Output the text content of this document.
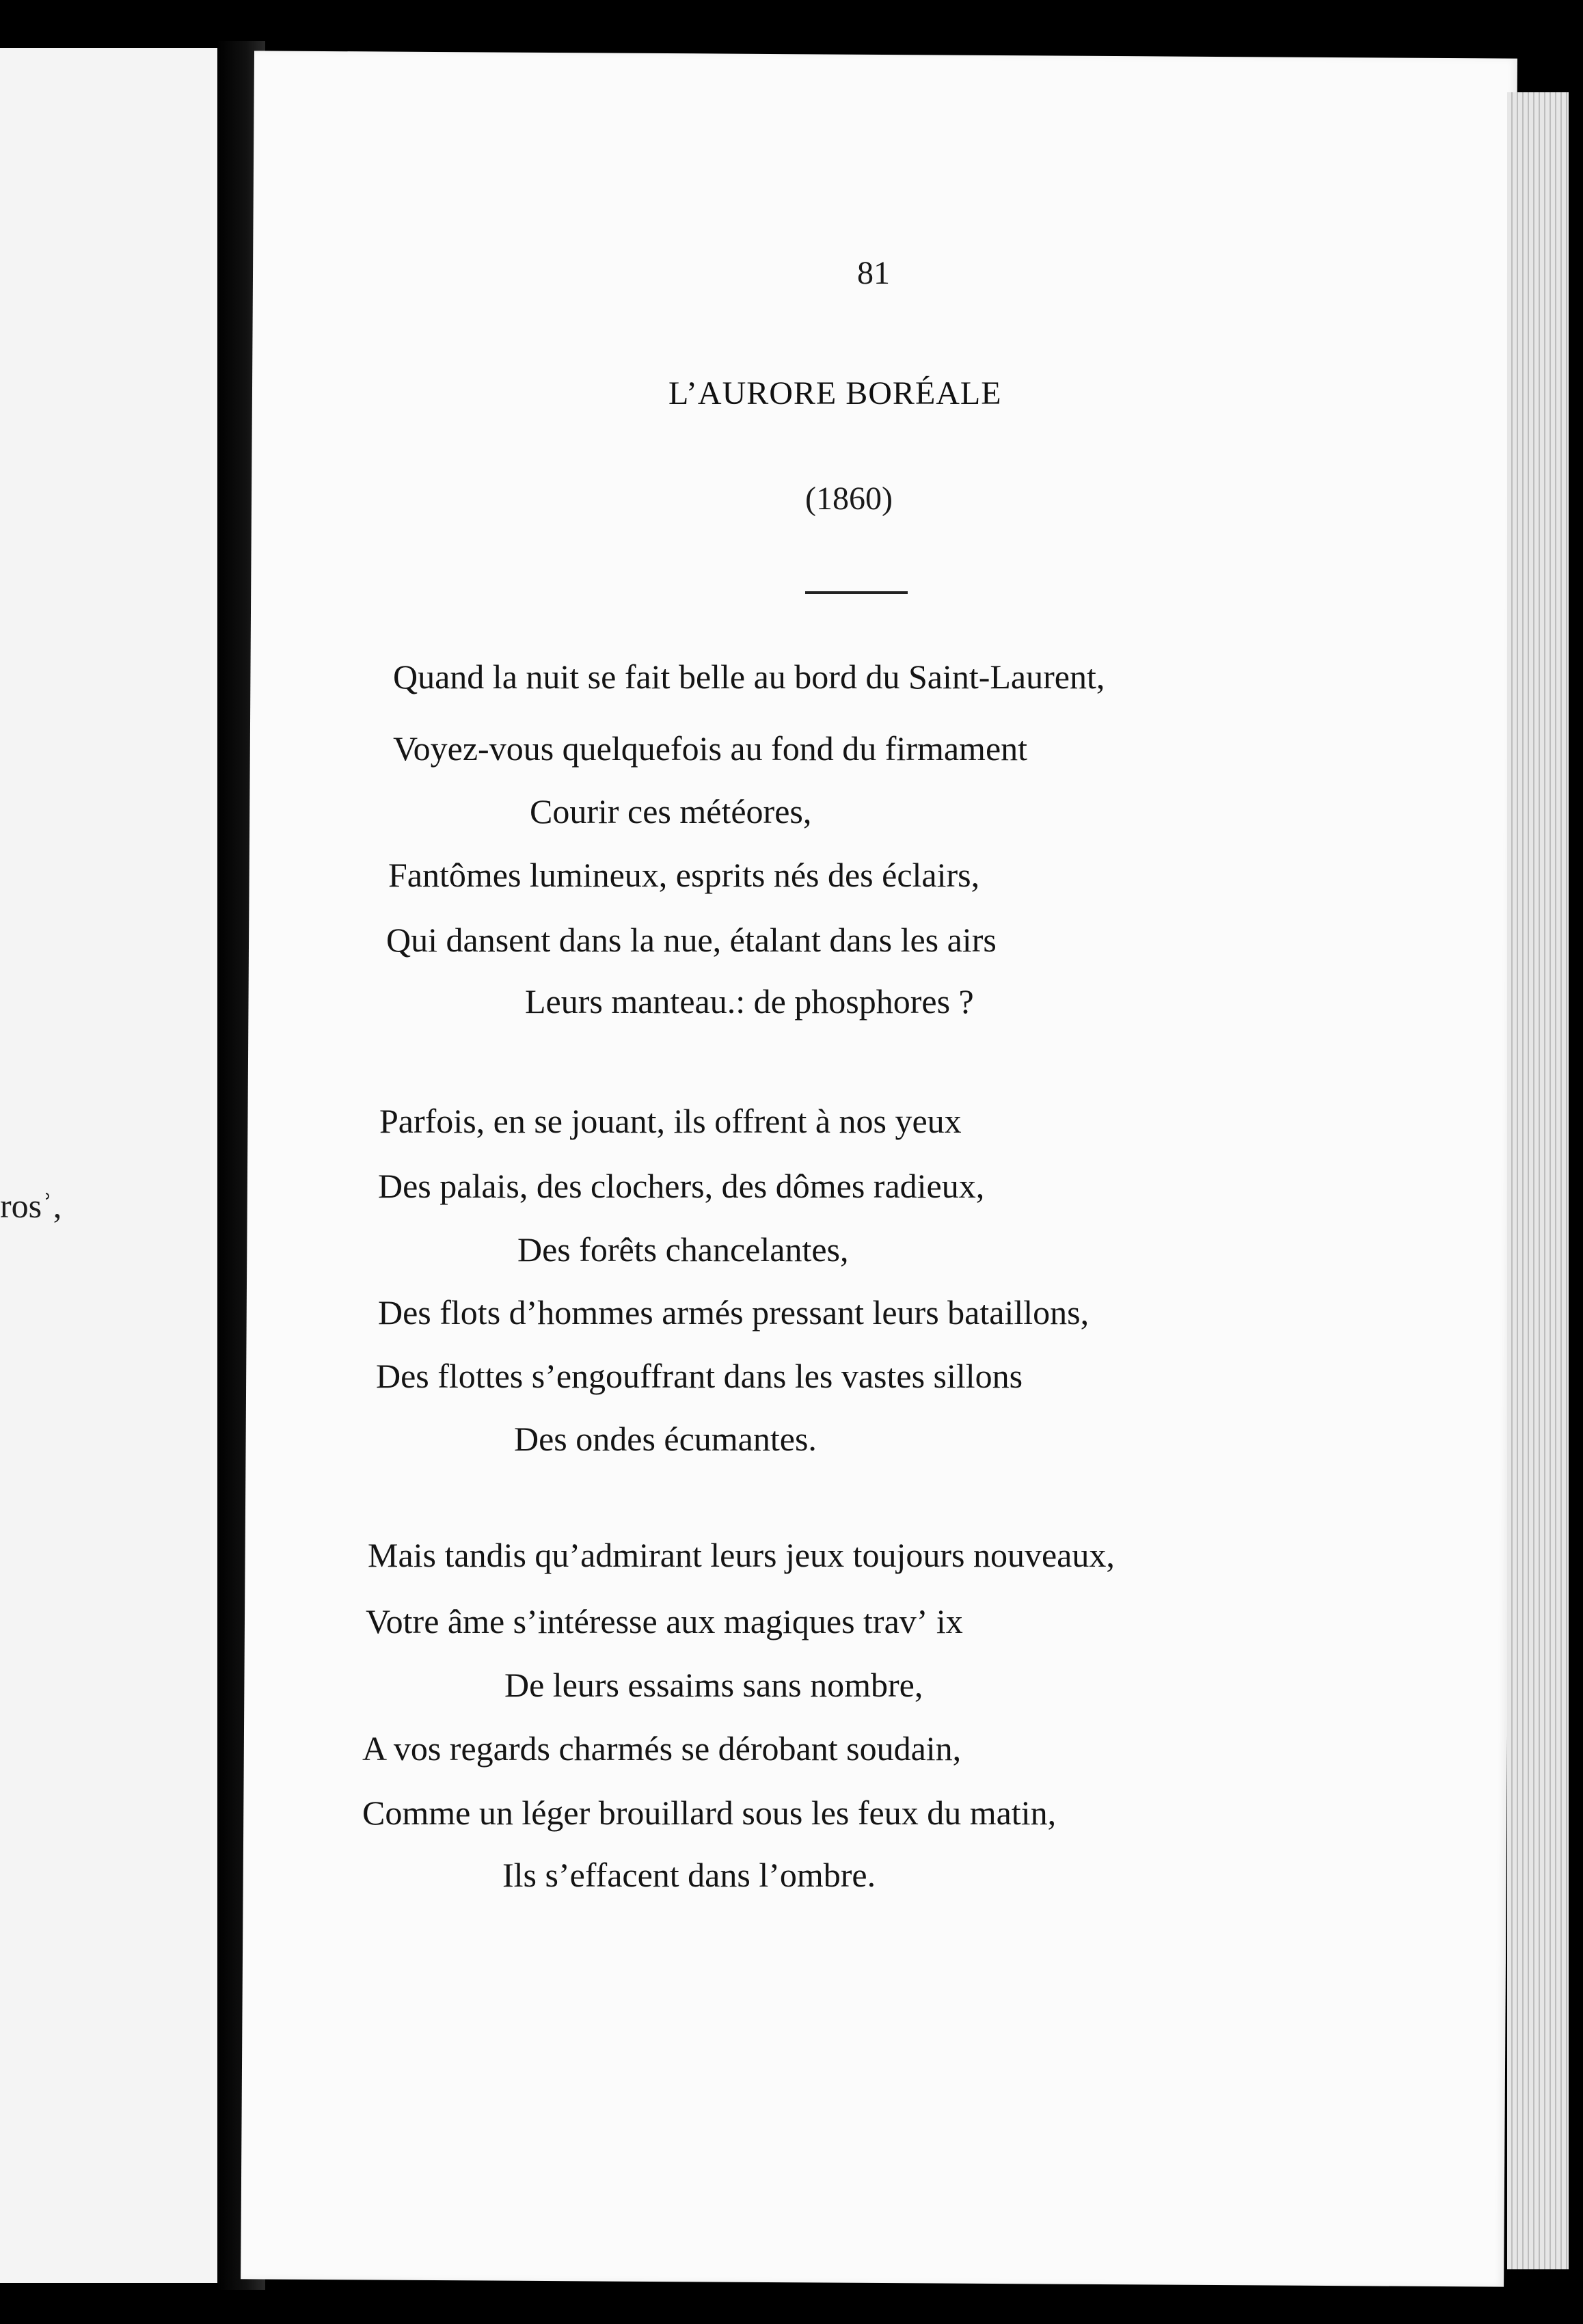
rosʾ,
81
L’AURORE BORÉALE
(1860)
Quand la nuit se fait belle au bord du Saint-Laurent,
Voyez-vous quelquefois au fond du firmament
Courir ces météores,
Fantômes lumineux, esprits nés des éclairs,
Qui dansent dans la nue, étalant dans les airs
Leurs manteau.: de phosphores ?
Parfois, en se jouant, ils offrent à nos yeux
Des palais, des clochers, des dômes radieux,
Des forêts chancelantes,
Des flots d’hommes armés pressant leurs bataillons,
Des flottes s’engouffrant dans les vastes sillons
Des ondes écumantes.
Mais tandis qu’admirant leurs jeux toujours nouveaux,
Votre âme s’intéresse aux magiques travʼ ix
De leurs essaims sans nombre,
A vos regards charmés se dérobant soudain,
Comme un léger brouillard sous les feux du matin,
Ils s’effacent dans l’ombre.
